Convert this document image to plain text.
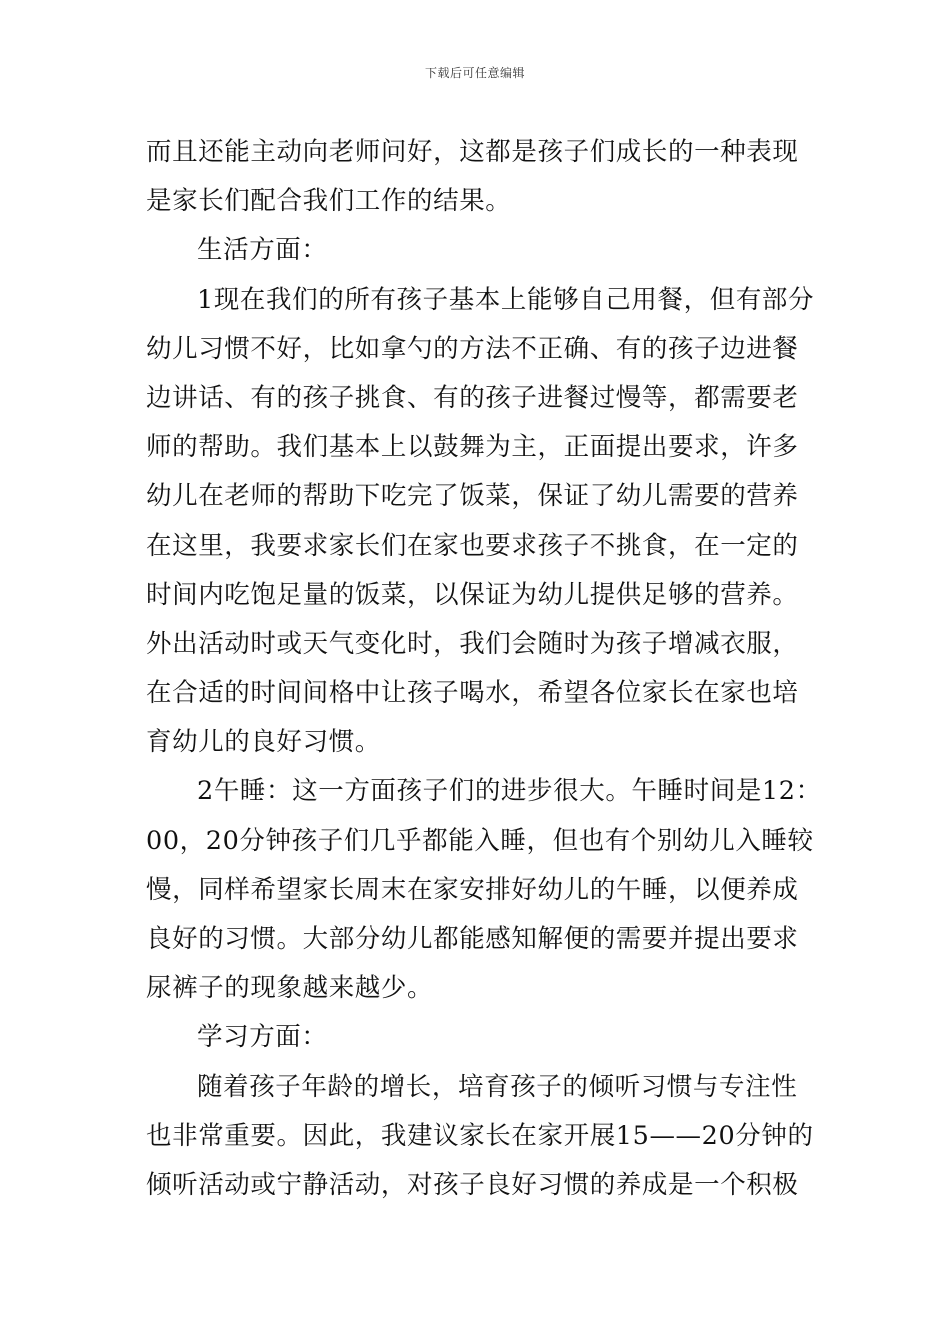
下载后可任意编辑
而且还能主动向老师问好，这都是孩子们成长的一种表现
是家长们配合我们工作的结果。
生活方面：
1现在我们的所有孩子基本上能够自己用餐，但有部分
幼儿习惯不好，比如拿勺的方法不正确、有的孩子边进餐
边讲话、有的孩子挑食、有的孩子进餐过慢等，都需要老
师的帮助。我们基本上以鼓舞为主，正面提出要求，许多
幼儿在老师的帮助下吃完了饭菜，保证了幼儿需要的营养
在这里，我要求家长们在家也要求孩子不挑食，在一定的
时间内吃饱足量的饭菜，以保证为幼儿提供足够的营养。
外出活动时或天气变化时，我们会随时为孩子增减衣服，
在合适的时间间格中让孩子喝水，希望各位家长在家也培
育幼儿的良好习惯。
2午睡：这一方面孩子们的进步很大。午睡时间是12：
00，20分钟孩子们几乎都能入睡，但也有个别幼儿入睡较
慢，同样希望家长周末在家安排好幼儿的午睡，以便养成
良好的习惯。大部分幼儿都能感知解便的需要并提出要求
尿裤子的现象越来越少。
学习方面：
随着孩子年龄的增长，培育孩子的倾听习惯与专注性
也非常重要。因此，我建议家长在家开展15——20分钟的
倾听活动或宁静活动，对孩子良好习惯的养成是一个积极
